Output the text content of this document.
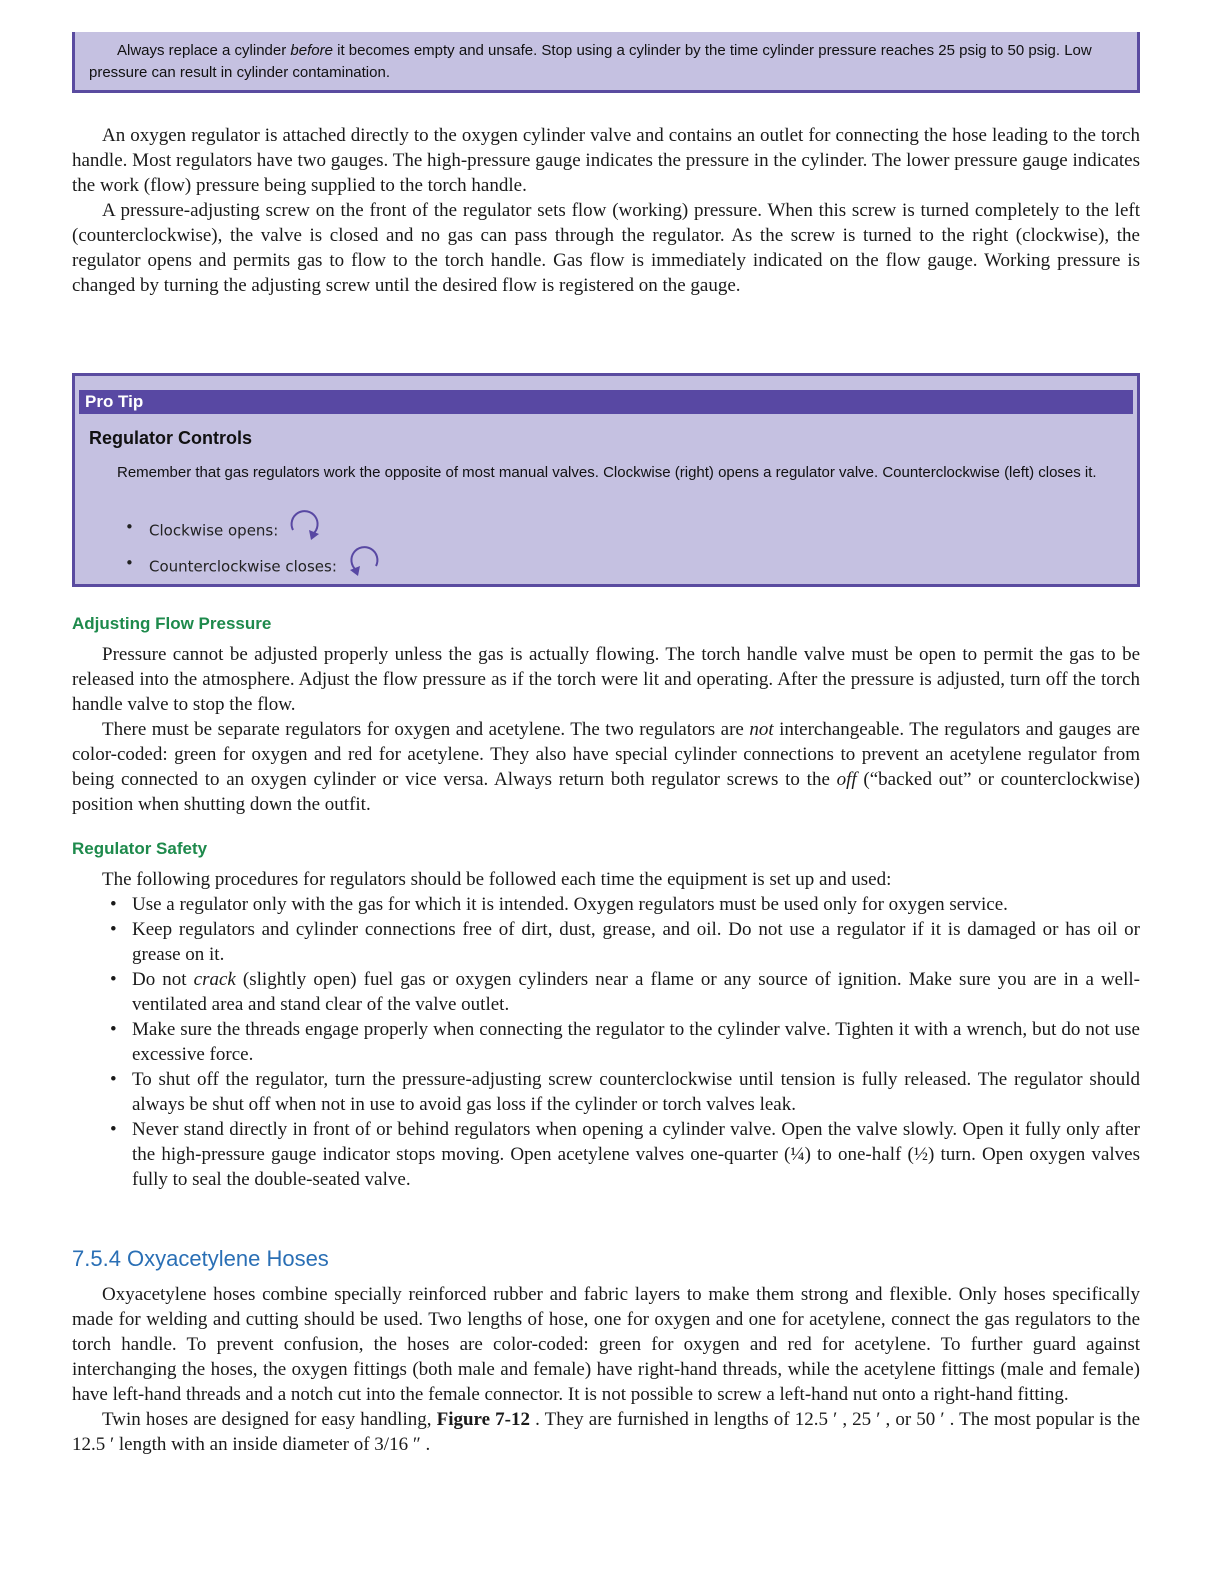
Always replace a cylinder before it becomes empty and unsafe. Stop using a cylinder by the time cylinder pressure reaches 25 psig to 50 psig. Low pressure can result in cylinder contamination.

An oxygen regulator is attached directly to the oxygen cylinder valve and contains an outlet for connecting the hose leading to the torch handle. Most regulators have two gauges. The high-pressure gauge indicates the pressure in the cylinder. The lower pressure gauge indicates the work (flow) pressure being supplied to the torch handle.

A pressure-adjusting screw on the front of the regulator sets flow (working) pressure. When this screw is turned completely to the left (counterclockwise), the valve is closed and no gas can pass through the regulator. As the screw is turned to the right (clockwise), the regulator opens and permits gas to flow to the torch handle. Gas flow is immediately indicated on the flow gauge. Working pressure is changed by turning the adjusting screw until the desired flow is registered on the gauge.

Pro Tip
Regulator Controls
Remember that gas regulators work the opposite of most manual valves. Clockwise (right) opens a regulator valve. Counterclockwise (left) closes it.
• Clockwise opens:
• Counterclockwise closes:
Adjusting Flow Pressure

Pressure cannot be adjusted properly unless the gas is actually flowing. The torch handle valve must be open to permit the gas to be released into the atmosphere. Adjust the flow pressure as if the torch were lit and operating. After the pressure is adjusted, turn off the torch handle valve to stop the flow.

There must be separate regulators for oxygen and acetylene. The two regulators are not interchangeable. The regulators and gauges are color-coded: green for oxygen and red for acetylene. They also have special cylinder connections to prevent an acetylene regulator from being connected to an oxygen cylinder or vice versa. Always return both regulator screws to the off (“backed out” or counterclockwise) position when shutting down the outfit.

Regulator Safety

The following procedures for regulators should be followed each time the equipment is set up and used:

• Use a regulator only with the gas for which it is intended. Oxygen regulators must be used only for oxygen service.
• Keep regulators and cylinder connections free of dirt, dust, grease, and oil. Do not use a regulator if it is damaged or has oil or grease on it.
• Do not crack (slightly open) fuel gas or oxygen cylinders near a flame or any source of ignition. Make sure you are in a well-ventilated area and stand clear of the valve outlet.
• Make sure the threads engage properly when connecting the regulator to the cylinder valve. Tighten it with a wrench, but do not use excessive force.
• To shut off the regulator, turn the pressure-adjusting screw counterclockwise until tension is fully released. The regulator should always be shut off when not in use to avoid gas loss if the cylinder or torch valves leak.
• Never stand directly in front of or behind regulators when opening a cylinder valve. Open the valve slowly. Open it fully only after the high-pressure gauge indicator stops moving. Open acetylene valves one-quarter (¼) to one-half (½) turn. Open oxygen valves fully to seal the double-seated valve.
7.5.4 Oxyacetylene Hoses

Oxyacetylene hoses combine specially reinforced rubber and fabric layers to make them strong and flexible. Only hoses specifically made for welding and cutting should be used. Two lengths of hose, one for oxygen and one for acetylene, connect the gas regulators to the torch handle. To prevent confusion, the hoses are color-coded: green for oxygen and red for acetylene. To further guard against interchanging the hoses, the oxygen fittings (both male and female) have right-hand threads, while the acetylene fittings (male and female) have left-hand threads and a notch cut into the female connector. It is not possible to screw a left-hand nut onto a right-hand fitting.

Twin hoses are designed for easy handling, Figure 7-12 . They are furnished in lengths of 12.5 ′ , 25 ′ , or 50 ′ . The most popular is the 12.5 ′ length with an inside diameter of 3/16 ″ .
